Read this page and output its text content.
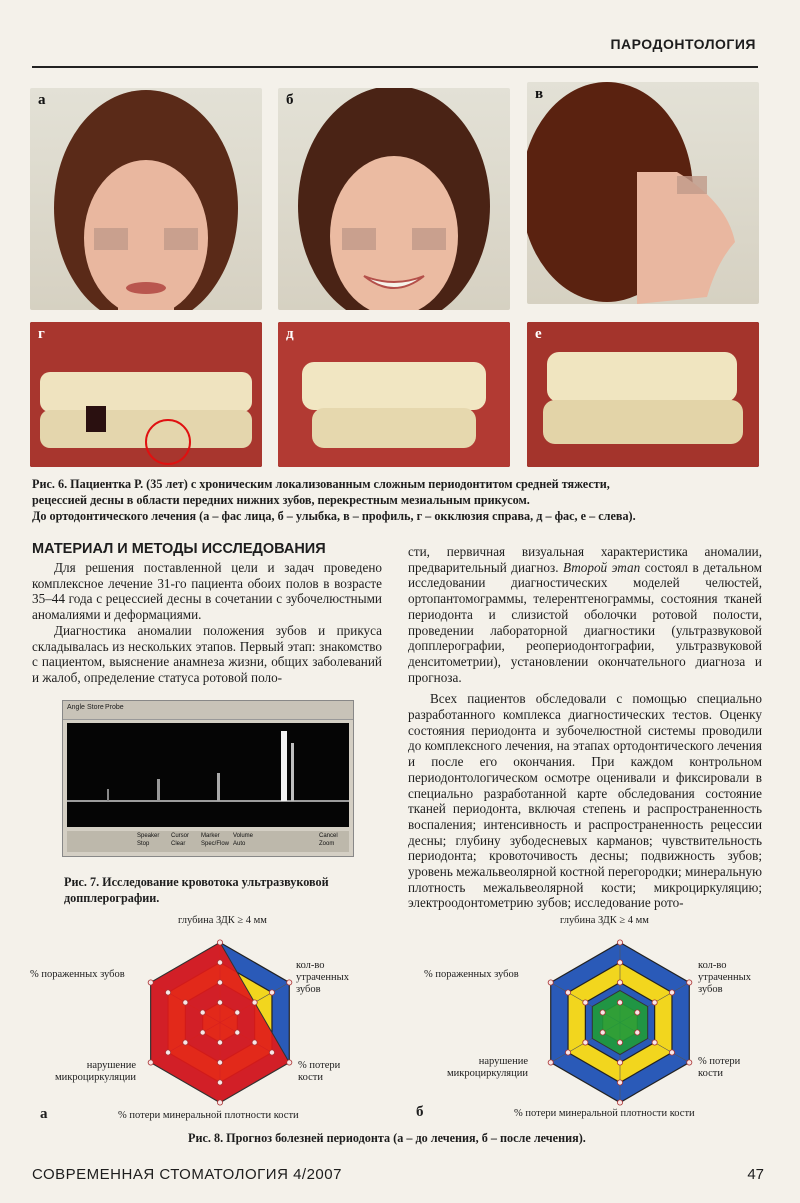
ПАРОДОНТОЛОГИЯ
а	б	в
г	д	е
Рис. 6. Пациентка Р. (35 лет) с хроническим локализованным сложным периодонтитом средней тяжести,
рецессией десны в области передних нижних зубов, перекрестным мезиальным прикусом.
До ортодонтического лечения (а – фас лица, б – улыбка, в – профиль, г – окклюзия справа, д – фас, е – слева).
МАТЕРИАЛ И МЕТОДЫ ИССЛЕДОВАНИЯ

Для решения поставленной цели и задач проведено комплексное лечение 31-го пациента обоих полов в возрасте 35–44 года с рецессией десны в сочетании с зубочелюстными аномалиями и деформациями.

Диагностика аномалии положения зубов и прикуса складывалась из нескольких этапов. Первый этап: знакомство с пациентом, выяснение анамнеза жизни, общих заболеваний и жалоб, определение статуса ротовой поло-

сти, первичная визуальная характеристика аномалии, предварительный диагноз. Второй этап состоял в детальном исследовании диагностических моделей челюстей, ортопантомограммы, телерентгенограммы, состояния тканей периодонта и слизистой оболочки ротовой полости, проведении лабораторной диагностики (ультразвуковой допплерографии, реопериодонтографии, ультразвуковой денситометрии), установлении окончательного диагноза и прогноза.

Всех пациентов обследовали с помощью специально разработанного комплекса диагностических тестов. Оценку состояния периодонта и зубочелюстной системы проводили до комплексного лечения, на этапах ортодонтического лечения и после его окончания. При каждом контрольном периодонтологическом осмотре оценивали и фиксировали в специально разработанной карте обследования состояние тканей периодонта, включая степень и распространенность воспаления; интенсивность и распространенность рецессии десны; глубину зубодесневых карманов; чувствительность периодонта; кровоточивость десны; подвижность зубов; уровень межальвеолярной костной перегородки; минеральную плотность межальвеолярной кости; микроциркуляцию; электроодонтометрию зубов; исследование рото-

Angle Store Probe
Speaker Cursor Marker Volume
Stop	Clear	Spec/Flow Auto
Cancel
Zoom
Рис. 7. Исследование кровотока ультразвуковой
допплерографии.
глубина ЗДК ≥ 4 мм
кол-во
утраченных
зубов
% пораженных зубов
% потери
кости
нарушение
микроциркуляции
% потери минеральной плотности кости
а
глубина ЗДК ≥ 4 мм
кол-во
утраченных
зубов
% пораженных зубов
% потери
кости
нарушение
микроциркуляции
% потери минеральной плотности кости
б
Рис. 8. Прогноз болезней периодонта (а – до лечения, б – после лечения).
СОВРЕМЕННАЯ СТОМАТОЛОГИЯ 4/2007	47
